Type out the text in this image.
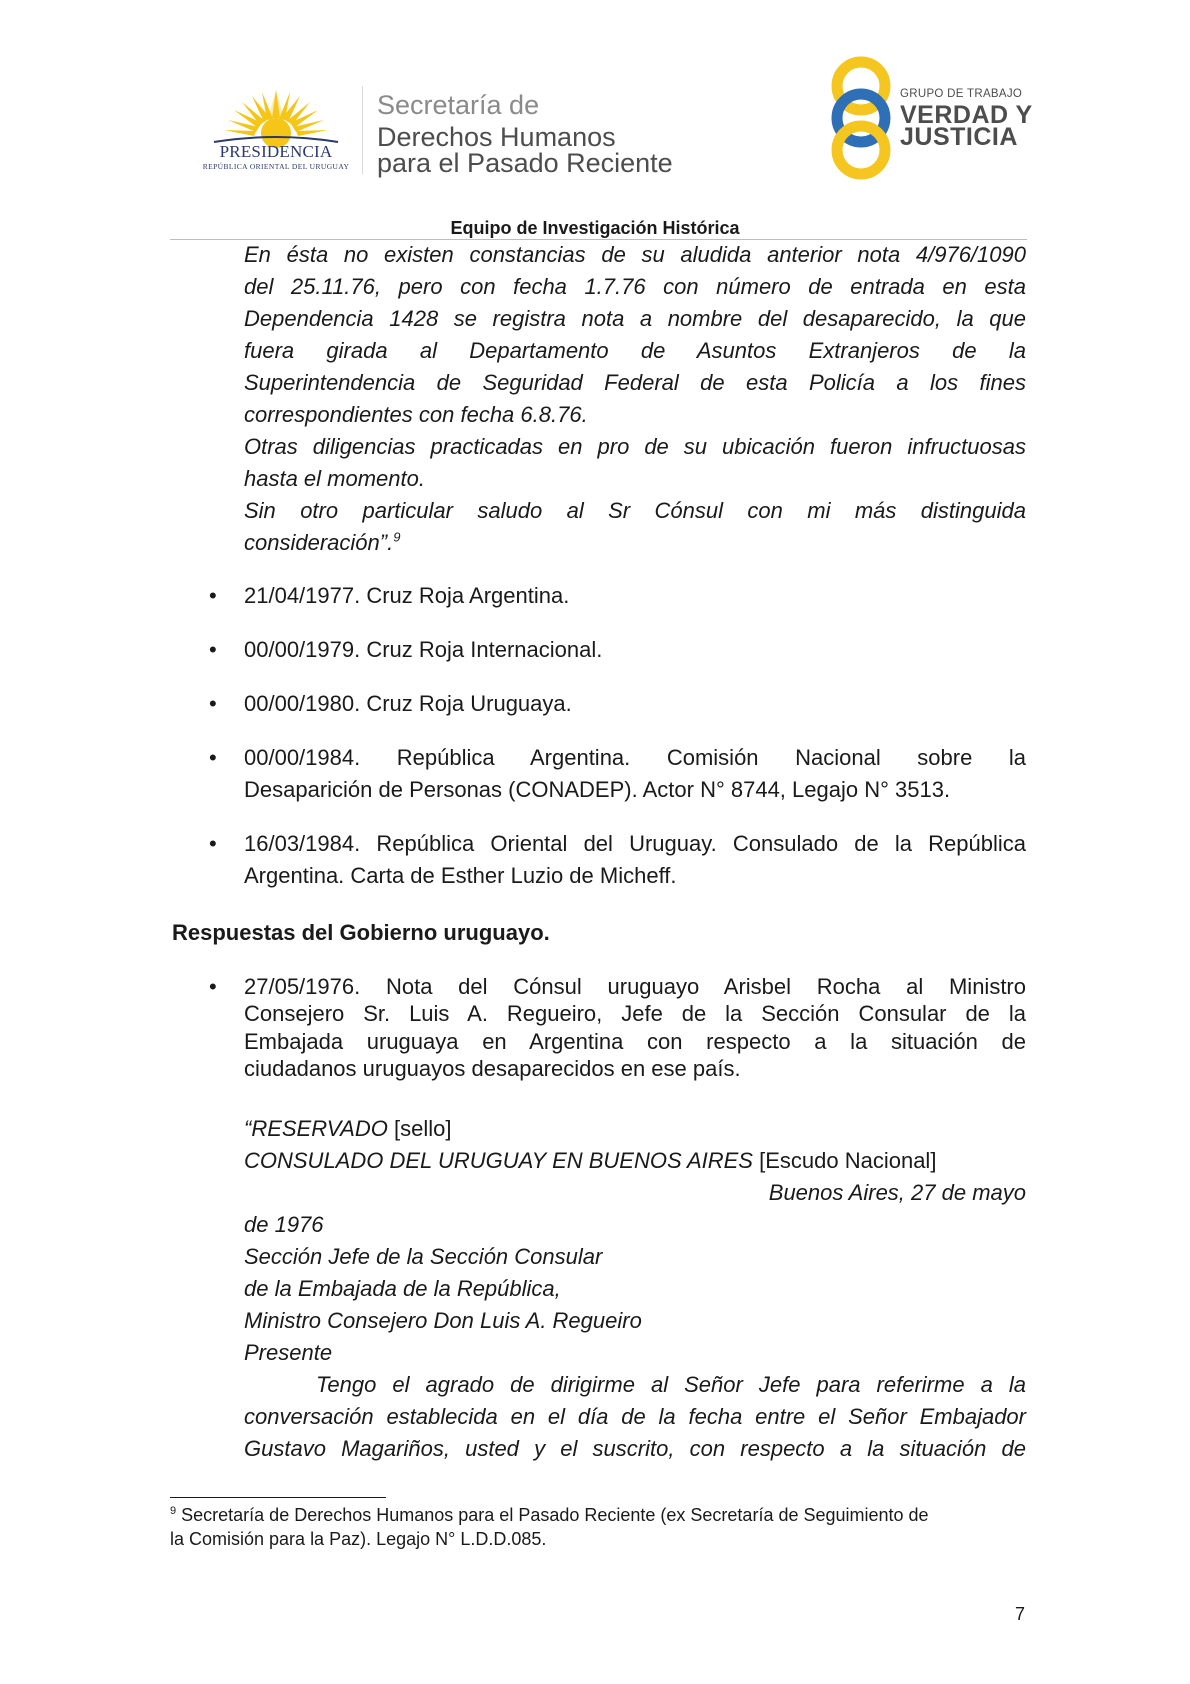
PRESIDENCIA
REPÚBLICA ORIENTAL DEL URUGUAY
Secretaría de
Derechos Humanos
para el Pasado Reciente
GRUPO DE TRABAJO
VERDAD Y
JUSTICIA
Equipo de Investigación Histórica
En ésta no existen constancias de su aludida anterior nota 4/976/1090
del 25.11.76, pero con fecha 1.7.76 con número de entrada en esta
Dependencia 1428 se registra nota a nombre del desaparecido, la que
fuera girada al Departamento de Asuntos Extranjeros de la
Superintendencia de Seguridad Federal de esta Policía a los fines
correspondientes con fecha 6.8.76.
Otras diligencias practicadas en pro de su ubicación fueron infructuosas
hasta el momento.
Sin otro particular saludo al Sr Cónsul con mi más distinguida
consideración”.$^9$
• 21/04/1977. Cruz Roja Argentina.
• 00/00/1979. Cruz Roja Internacional.
• 00/00/1980. Cruz Roja Uruguaya.
• 00/00/1984. República Argentina. Comisión Nacional sobre la
Desaparición de Personas (CONADEP). Actor N° 8744, Legajo N° 3513.
• 16/03/1984. República Oriental del Uruguay. Consulado de la República
Argentina. Carta de Esther Luzio de Micheff.
Respuestas del Gobierno uruguayo.
• 27/05/1976. Nota del Cónsul uruguayo Arisbel Rocha al Ministro
Consejero Sr. Luis A. Regueiro, Jefe de la Sección Consular de la
Embajada uruguaya en Argentina con respecto a la situación de
ciudadanos uruguayos desaparecidos en ese país.
“RESERVADO [sello]
CONSULADO DEL URUGUAY EN BUENOS AIRES [Escudo Nacional]
Buenos Aires, 27 de mayo
de 1976
Sección Jefe de la Sección Consular
de la Embajada de la República,
Ministro Consejero Don Luis A. Regueiro
Presente
Tengo el agrado de dirigirme al Señor Jefe para referirme a la
conversación establecida en el día de la fecha entre el Señor Embajador
Gustavo Magariños, usted y el suscrito, con respecto a la situación de
$^9$ Secretaría de Derechos Humanos para el Pasado Reciente (ex Secretaría de Seguimiento de
la Comisión para la Paz). Legajo N° L.D.D.085.
7
